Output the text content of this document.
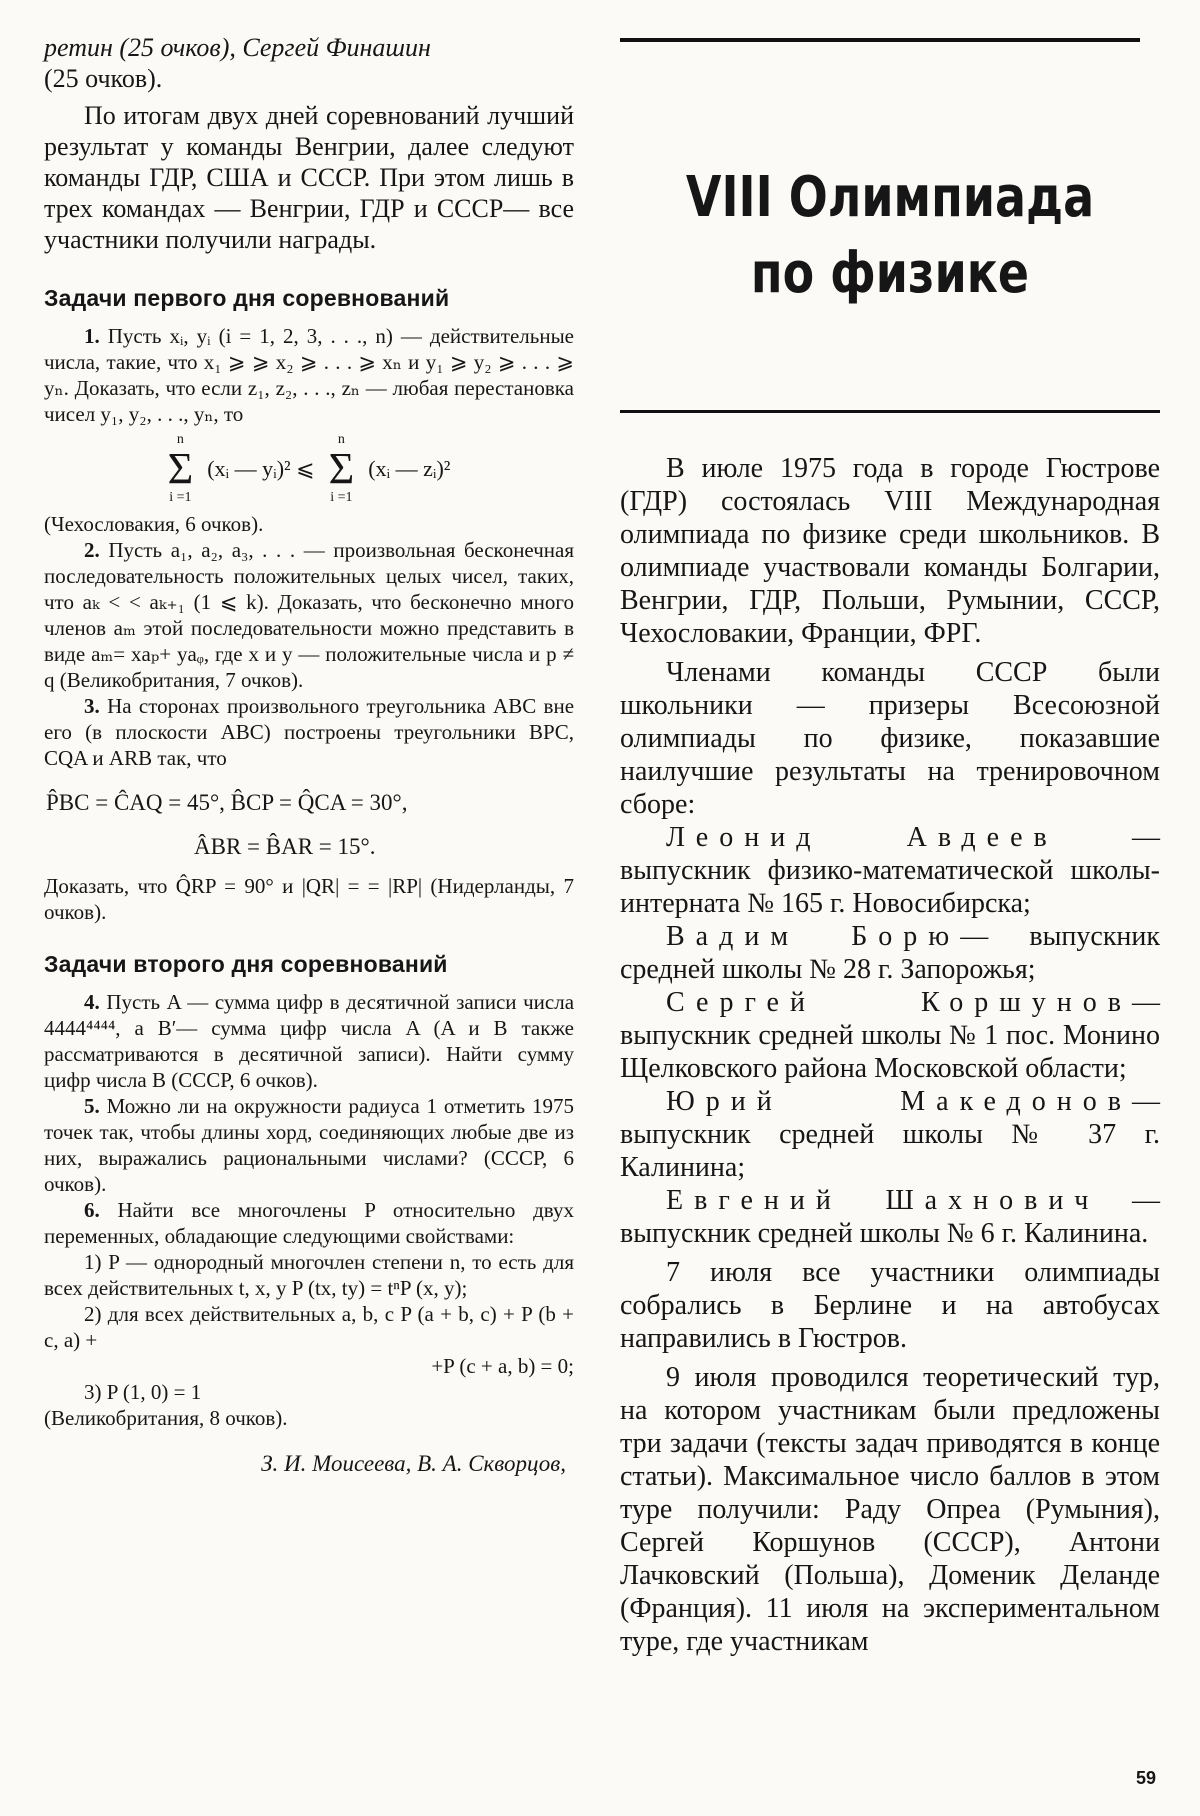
ретин (25 очков), Сергей Финашин

(25 очков).

По итогам двух дней соревнований лучший результат у команды Венгрии, далее следуют команды ГДР, США и СССР. При этом лишь в трех командах — Венгрии, ГДР и СССР— все участники получили награды.

Задачи первого дня соревнований

1. Пусть xᵢ, yᵢ (i = 1, 2, 3, . . ., n) — действительные числа, такие, что x₁ ⩾ ⩾ x₂ ⩾ . . . ⩾ xₙ и y₁ ⩾ y₂ ⩾ . . . ⩾ yₙ. Доказать, что если z₁, z₂, . . ., zₙ — любая перестановка чисел y₁, y₂, . . ., yₙ, то

n
Σ
i =1
(xᵢ — yᵢ)² ⩽
n
Σ
i =1
(xᵢ — zᵢ)²

(Чехословакия, 6 очков).

2. Пусть a₁, a₂, a₃, . . . — произвольная бесконечная последовательность положительных целых чисел, таких, что aₖ < < aₖ₊₁ (1 ⩽ k). Доказать, что бесконечно много членов aₘ этой последовательности можно представить в виде aₘ= xaₚ+ yaᵩ, где x и y — положительные числа и p ≠ q (Великобритания, 7 очков).

3. На сторонах произвольного треугольника ABC вне его (в плоскости ABC) построены треугольники BPC, CQA и ARB так, что

P̂BC = ĈAQ = 45°, B̂CP = Q̂CA = 30°,
ÂBR = B̂AR = 15°.

Доказать, что Q̂RP = 90° и |QR| = = |RP| (Нидерланды, 7 очков).

Задачи второго дня соревнований

4. Пусть A — сумма цифр в десятичной записи числа 4444⁴⁴⁴⁴, а B′— сумма цифр числа A (A и B также рассматриваются в десятичной записи). Найти сумму цифр числа B (СССР, 6 очков).

5. Можно ли на окружности радиуса 1 отметить 1975 точек так, чтобы длины хорд, соединяющих любые две из них, выражались рациональными числами? (СССР, 6 очков).

6. Найти все многочлены P относительно двух переменных, обладающие следующими свойствами:

1) P — однородный многочлен степени n, то есть для всех действительных t, x, y P (tx, ty) = tⁿP (x, y);

2) для всех действительных a, b, c P (a + b, c) + P (b + c, a) +

+P (c + a, b) = 0;

3) P (1, 0) = 1

(Великобритания, 8 очков).

З. И. Моисеева, В. А. Скворцов,

VIII Олимпиада
по физике

В июле 1975 года в городе Гюстрове (ГДР) состоялась VIII Международная олимпиада по физике среди школьников. В олимпиаде участвовали команды Болгарии, Венгрии, ГДР, Польши, Румынии, СССР, Чехословакии, Франции, ФРГ.

Членами команды СССР были школьники — призеры Всесоюзной олимпиады по физике, показавшие наилучшие результаты на тренировочном сборе:

Леонид Авдеев — выпускник физико-математической школы-интерната № 165 г. Новосибирска;

Вадим Борю— выпускник средней школы № 28 г. Запорожья;

Сергей Коршунов—выпускник средней школы № 1 пос. Монино Щелковского района Московской области;

Юрий Македонов— выпускник средней школы № 37 г. Калинина;

Евгений Шахнович — выпускник средней школы № 6 г. Калинина.

7 июля все участники олимпиады собрались в Берлине и на автобусах направились в Гюстров.

9 июля проводился теоретический тур, на котором участникам были предложены три задачи (тексты задач приводятся в конце статьи). Максимальное число баллов в этом туре получили: Раду Опреа (Румыния), Сергей Коршунов (СССР), Антони Лачковский (Польша), Доменик Деланде (Франция). 11 июля на экспериментальном туре, где участникам

59
